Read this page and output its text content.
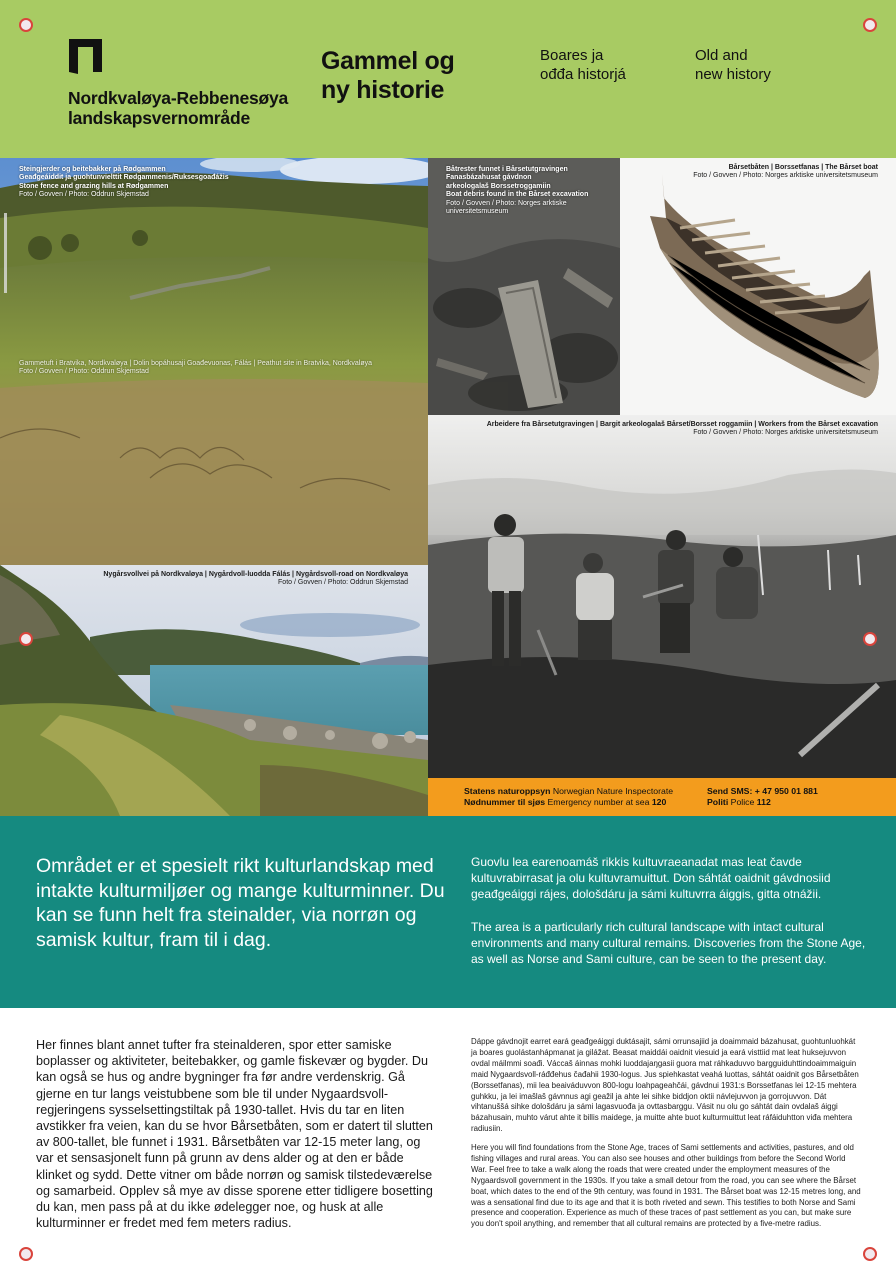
Nordkvaløya-Rebbenesøya
landskapsvernområde
Gammel og
ny historie
Boares ja
ođđa historjá
Old and
new history
Steingjerder og beitebakker på Rødgammen
Geađgeáiddit ja guohtunvielttit Rødgammenis/Ruksesgoađážis
Stone fence and grazing hills at Rødgammen
Foto / Govven / Photo: Oddrun Skjemstad
Gammetuft i Bratvika, Nordkvaløya | Dolin bopáhusaji Goađevuonas, Fálás | Peathut site in Bratvika, Nordkvaløya
Foto / Govven / Photo: Oddrun Skjemstad
Nygårsvollvei på Nordkvaløya | Nygårdvoll-luodda Fálás | Nygårdsvoll-road on Nordkvaløya
Foto / Govven / Photo: Oddrun Skjemstad
Båtrester funnet i Bårsetutgravingen
Fanasbázahusat gávdnon
arkeologalaš Borssetroggamiin
Boat debris found in the Bårset excavation
Foto / Govven / Photo: Norges arktiske
universitetsmuseum
Bårsetbåten | Borssetfanas | The Bårset boat
Foto / Govven / Photo: Norges arktiske universitetsmuseum
Arbeidere fra Bårsetutgravingen | Bargit arkeologalaš Bårset/Borsset roggamiin | Workers from the Bårset excavation
Foto / Govven / Photo: Norges arktiske universitetsmuseum
Statens naturoppsyn Norwegian Nature Inspectorate
Nødnummer til sjøs Emergency number at sea 120
Send SMS: + 47 950 01 881
Politi Police 112

Området er et spesielt rikt kulturlandskap med intakte kulturmiljøer og mange kulturminner. Du kan se funn helt fra steinalder, via norrøn og samisk kultur, fram til i dag.

Guovlu lea earenoamáš rikkis kultuvraeanadat mas leat čavde kultuvrabirrasat ja olu kultuvramuittut. Don sáhtát oaidnit gávdnosiid geađgeáiggi rájes, dološdáru ja sámi kultuvrra áiggis, gitta otnážii.

The area is a particularly rich cultural landscape with intact cultural environments and many cultural remains. Discoveries from the Stone Age, as well as Norse and Sami culture, can be seen to the present day.

Her finnes blant annet tufter fra steinalderen, spor etter samiske boplasser og aktiviteter, beitebakker, og gamle fiskevær og bygder. Du kan også se hus og andre bygninger fra før andre verdenskrig. Gå gjerne en tur langs veistubbene som ble til under Nygaardsvoll-regjeringens sysselsettingstiltak på 1930-tallet. Hvis du tar en liten avstikker fra veien, kan du se hvor Bårsetbåten, som er datert til slutten av 800-tallet, ble funnet i 1931. Bårsetbåten var 12-15 meter lang, og var et sensasjonelt funn på grunn av dens alder og at den er både klinket og sydd. Dette vitner om både norrøn og samisk tilstedeværelse og samarbeid. Opplev så mye av disse sporene etter tidligere bosetting du kan, men pass på at du ikke ødelegger noe, og husk at alle kulturminner er fredet med fem meters radius.

Dáppe gávdnojit earret eará geađgeáiggi duktásajit, sámi orrunsajiid ja doaimmaid bázahusat, guohtunluohkát ja boares guolástanhápmanat ja gilážat. Beasat maiddái oaidnit viesuid ja eará visttiid mat leat huksejuvvon ovdal máilmmi soađi. Váccaš áinnas mohki luoddajaŋgasii guora mat ráhkaduvvo bargguiduhttindoaimmaiguin maid Nygaardsvoll-ráđđehus čađahii 1930-logus. Jus spiehkastat veahá luottas, sáhtát oaidnit gos Bårsetbåten (Borssetfanas), mii lea beaiváduvvon 800-logu loahpageahčái, gávdnui 1931:s Borssetfanas lei 12-15 mehtera guhkku, ja lei imašlaš gávnnus agi geažil ja ahte lei sihke biddjon oktii návlejuvvon ja gorrojuvvon. Dát vihtanuššá sihke dološdáru ja sámi lagasvuođa ja ovttasbarggu. Vásit nu olu go sáhtát dain ovdalaš áiggi bázahusain, muhto várut ahte it billis maidege, ja muitte ahte buot kulturmuittut leat ráfáiduhtton viđa mehtera radiusiin.

Here you will find foundations from the Stone Age, traces of Sami settlements and activities, pastures, and old fishing villages and rural areas. You can also see houses and other buildings from before the Second World War. Feel free to take a walk along the roads that were created under the employment measures of the Nygaardsvoll government in the 1930s. If you take a small detour from the road, you can see where the Bårset boat, which dates to the end of the 9th century, was found in 1931. The Bårset boat was 12-15 metres long, and was a sensational find due to its age and that it is both riveted and sewn. This testifies to both Norse and Sami presence and cooperation. Experience as much of these traces of past settlement as you can, but make sure you don't spoil anything, and remember that all cultural remains are protected by a five-metre radius.
